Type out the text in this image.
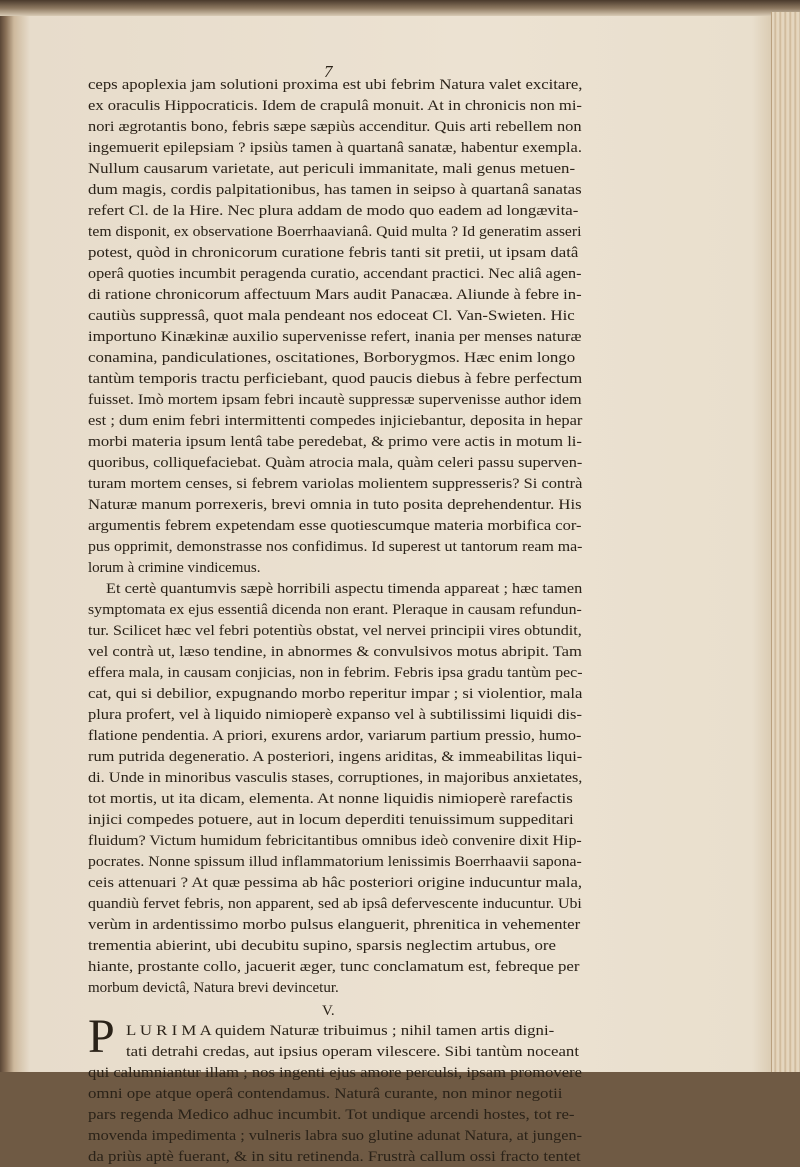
7
V.
P
ceps apoplexia jam solutioni proxima est ubi febrim Natura valet excitare,
ex oraculis Hippocraticis. Idem de crapulâ monuit. At in chronicis non mi-
nori ægrotantis bono, febris sæpe sæpiùs accenditur. Quis arti rebellem non
ingemuerit epilepsiam ? ipsiùs tamen à quartanâ sanatæ, habentur exempla.
Nullum causarum varietate, aut periculi immanitate, mali genus metuen-
dum magis, cordis palpitationibus, has tamen in seipso à quartanâ sanatas
refert Cl. de la Hire. Nec plura addam de modo quo eadem ad longævita-
tem disponit, ex observatione Boerrhaavianâ. Quid multa ? Id generatim asseri
potest, quòd in chronicorum curatione febris tanti sit pretii, ut ipsam datâ
operâ quoties incumbit peragenda curatio, accendant practici. Nec aliâ agen-
di ratione chronicorum affectuum Mars audit Panacæa. Aliunde à febre in-
cautiùs suppressâ, quot mala pendeant nos edoceat Cl. Van-Swieten. Hic
importuno Kinækinæ auxilio supervenisse refert, inania per menses naturæ
conamina, pandiculationes, oscitationes, Borborygmos. Hæc enim longo
tantùm temporis tractu perficiebant, quod paucis diebus à febre perfectum
fuisset. Imò mortem ipsam febri incautè suppressæ supervenisse author idem
est ; dum enim febri intermittenti compedes injiciebantur, deposita in hepar
morbi materia ipsum lentâ tabe peredebat, & primo vere actis in motum li-
quoribus, colliquefaciebat. Quàm atrocia mala, quàm celeri passu superven-
turam mortem censes, si febrem variolas molientem suppresseris? Si contrà
Naturæ manum porrexeris, brevi omnia in tuto posita deprehendentur. His
argumentis febrem expetendam esse quotiescumque materia morbifica cor-
pus opprimit, demonstrasse nos confidimus. Id superest ut tantorum ream ma-
lorum à crimine vindicemus.
Et certè quantumvis sæpè horribili aspectu timenda appareat ; hæc tamen
symptomata ex ejus essentiâ dicenda non erant. Pleraque in causam refundun-
tur. Scilicet hæc vel febri potentiùs obstat, vel nervei principii vires obtundit,
vel contrà ut, læso tendine, in abnormes & convulsivos motus abripit. Tam
effera mala, in causam conjicias, non in febrim. Febris ipsa gradu tantùm pec-
cat, qui si debilior, expugnando morbo reperitur impar ; si violentior, mala
plura profert, vel à liquido nimioperè expanso vel à subtilissimi liquidi dis-
flatione pendentia. A priori, exurens ardor, variarum partium pressio, humo-
rum putrida degeneratio. A posteriori, ingens ariditas, & immeabilitas liqui-
di. Unde in minoribus vasculis stases, corruptiones, in majoribus anxietates,
tot mortis, ut ita dicam, elementa. At nonne liquidis nimioperè rarefactis
injici compedes potuere, aut in locum deperditi tenuissimum suppeditari
fluidum? Victum humidum febricitantibus omnibus ideò convenire dixit Hip-
pocrates. Nonne spissum illud inflammatorium lenissimis Boerrhaavii sapona-
ceis attenuari ? At quæ pessima ab hâc posteriori origine inducuntur mala,
quandiù fervet febris, non apparent, sed ab ipsâ defervescente inducuntur. Ubi
verùm in ardentissimo morbo pulsus elanguerit, phrenitica in vehementer
trementia abierint, ubi decubitu supino, sparsis neglectim artubus, ore
hiante, prostante collo, jacuerit æger, tunc conclamatum est, febreque per
morbum devictâ, Natura brevi devincetur.
L U R I M A quidem Naturæ tribuimus ; nihil tamen artis digni-
tati detrahi credas, aut ipsius operam vilescere. Sibi tantùm noceant
qui calumniantur illam ; nos ingenti ejus amore perculsi, ipsam promovere
omni ope atque operâ contendamus. Naturâ curante, non minor negotii
pars regenda Medico adhuc incumbit. Tot undique arcendi hostes, tot re-
movenda impedimenta ; vulneris labra suo glutine adunat Natura, at jungen-
da priùs aptè fuerant, & in situ retinenda. Frustrà callum ossi fracto tentet
